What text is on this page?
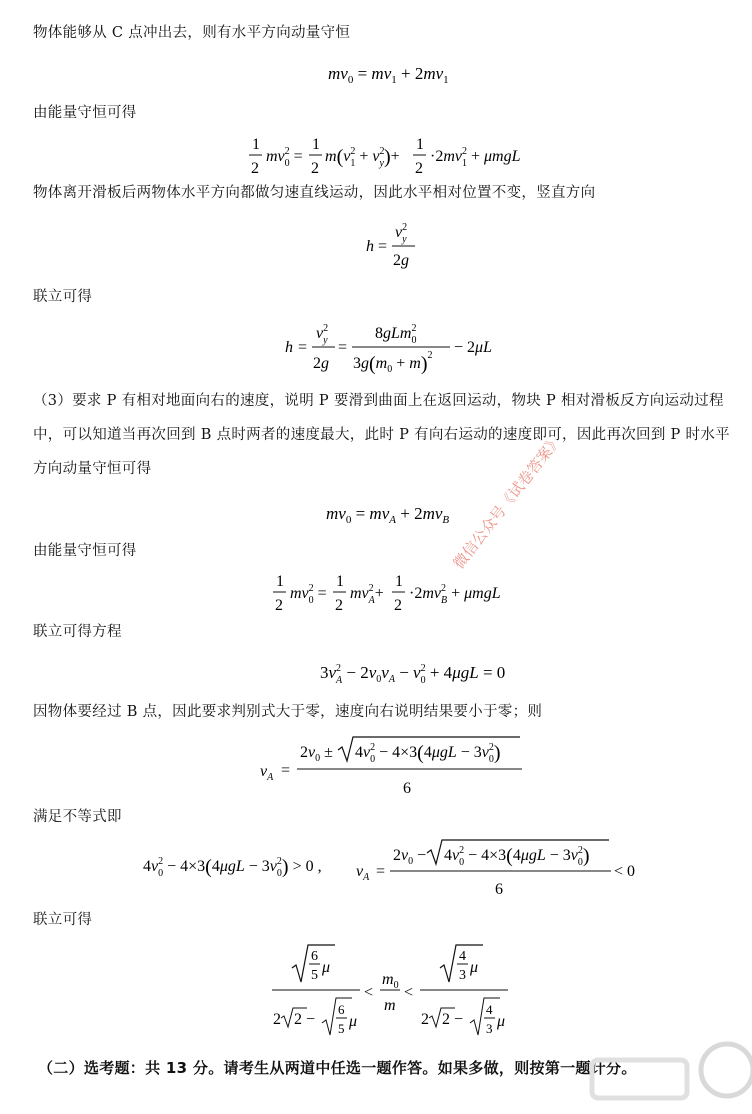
物体能够从 C 点冲出去，则有水平方向动量守恒
$mv_0 = mv_1 + 2mv_1$
由能量守恒可得
1
2
$mv^2$ 0 =
1
2
$m(v^2$ $1 + v^2$ y)+
1
2
$\cdot 2mv^2$ 1 + μmgL
物体离开滑板后两物体水平方向都做匀速直线运动，因此水平相对位置不变，竖直方向
h =
$v^2$ y
2g
联立可得
h =
$v^2$ y
2g
=
8gLm$^2$ 0
$3g(m_0 + m)^2 - 2\mu L$
（3）要求 P 有相对地面向右的速度，说明 P 要滑到曲面上在返回运动，物块 P 相对滑板反方向运动过程中，可以知道当再次回到 B 点时两者的速度最大，此时 P 有向右运动的速度即可，因此再次回到 P 时水平方向动量守恒可得
$mv_0 = mv_A + 2mv_B$
由能量守恒可得
1
2
$mv^2$ 0 =
1
2
$mv^2$ A+
1
2
$\cdot 2mv^2$ B + μmgL
联立可得方程
$3v^2$ $A - 2v_0v_A - v^2$ 0 + 4μgL = 0
因物体要经过 B 点，因此要求判别式大于零，速度向右说明结果要小于零；则
$v_A$ =
$2v_0 \pm 4v^2$ $0 - 4\times 3(4\mu gL - 3v^2$ 0)
6
满足不等式即
$4v^2$ $0 - 4\times 3(4\mu gL - 3v^2$ 0) > 0 , $v_A$ =
$2v_0 - 4v^2$ $0 - 4\times 3(4\mu gL - 3v^2$ 0)
6
< 0
联立可得
6
5 μ
2 2 −
6
5 μ
<
$m_0$
m
<
4
3 μ
2 2 −
4
3 μ
（二）选考题：共 13 分。请考生从两道中任选一题作答。如果多做，则按第一题计分。
微信公众号《试卷答案》
